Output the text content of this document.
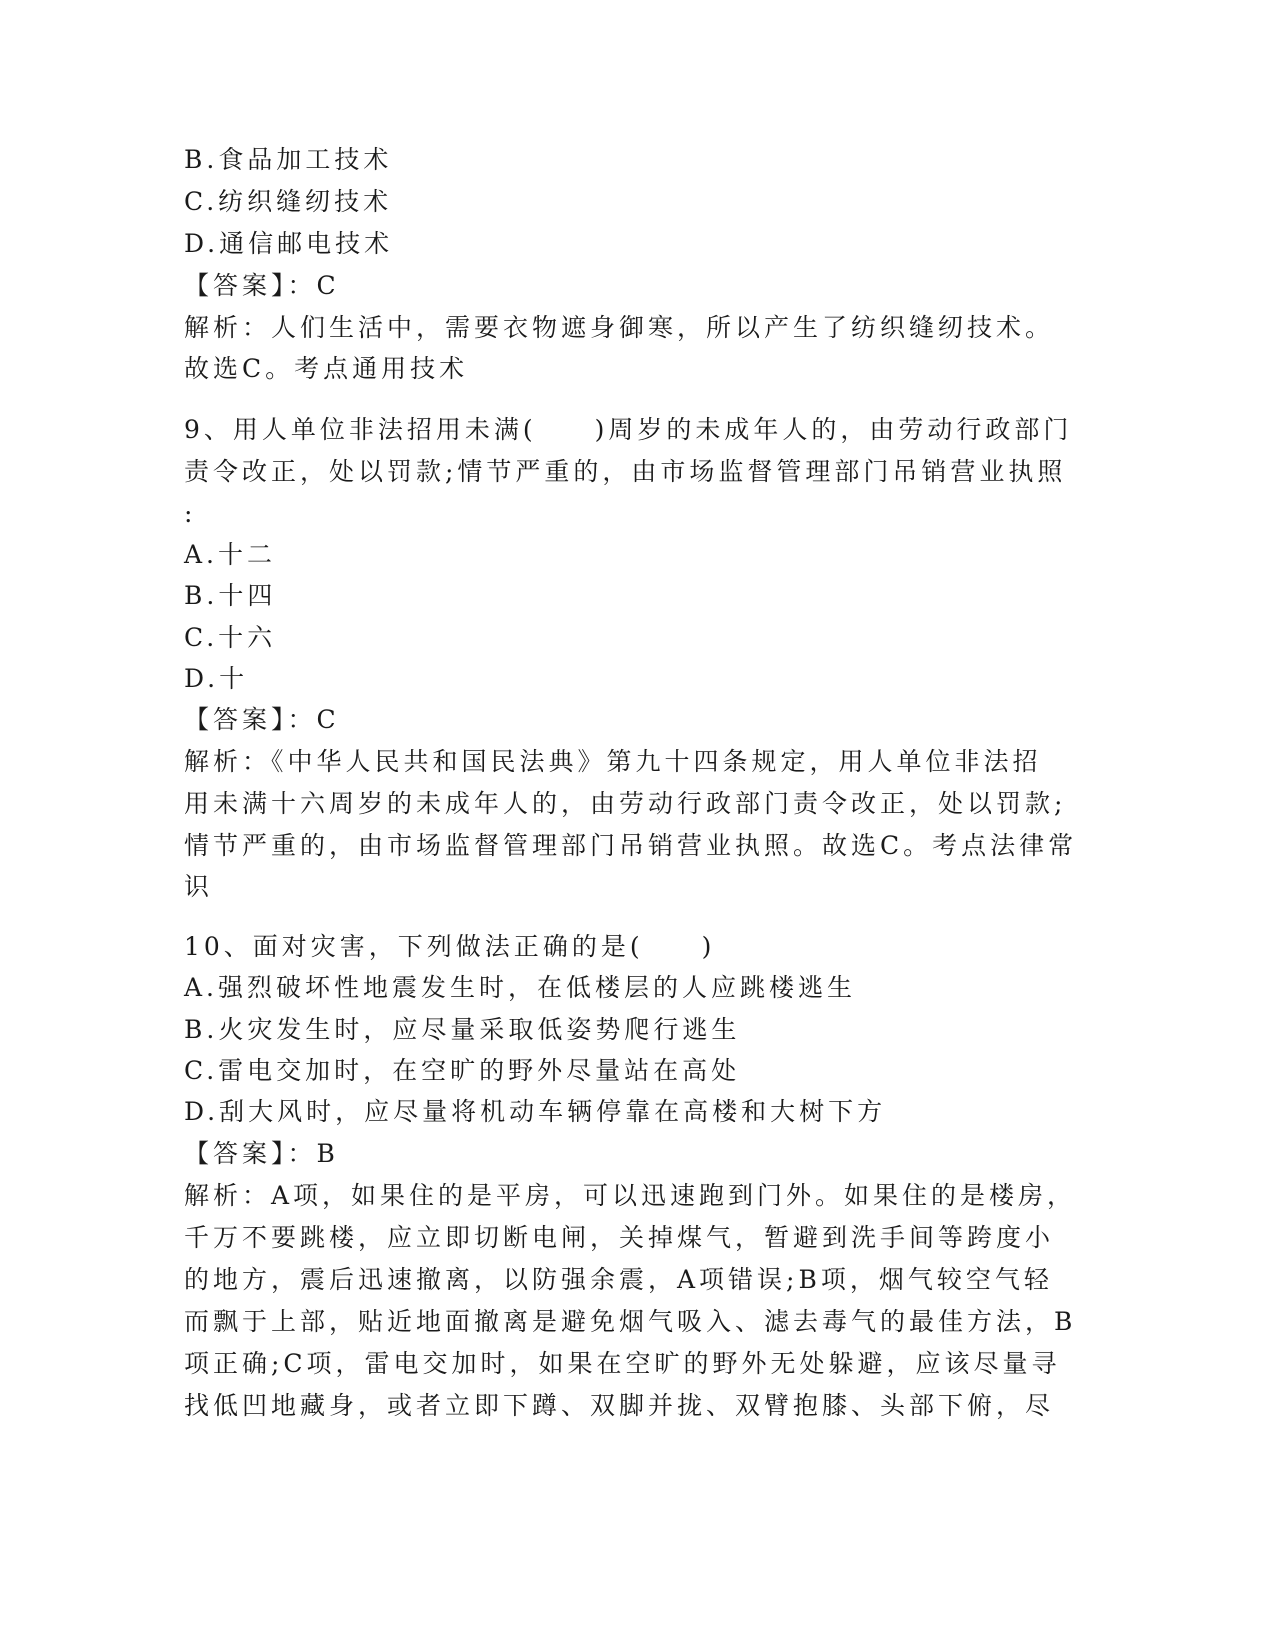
B.食品加工技术
C.纺织缝纫技术
D.通信邮电技术
【答案】：C
解析：人们生活中，需要衣物遮身御寒，所以产生了纺织缝纫技术。
故选C。考点通用技术
9、用人单位非法招用未满(　　)周岁的未成年人的，由劳动行政部门
责令改正，处以罚款;情节严重的，由市场监督管理部门吊销营业执照
:
A.十二
B.十四
C.十六
D.十
【答案】：C
解析：《中华人民共和国民法典》第九十四条规定，用人单位非法招
用未满十六周岁的未成年人的，由劳动行政部门责令改正，处以罚款;
情节严重的，由市场监督管理部门吊销营业执照。故选C。考点法律常
识
10、面对灾害，下列做法正确的是(　　)
A.强烈破坏性地震发生时，在低楼层的人应跳楼逃生
B.火灾发生时，应尽量采取低姿势爬行逃生
C.雷电交加时，在空旷的野外尽量站在高处
D.刮大风时，应尽量将机动车辆停靠在高楼和大树下方
【答案】：B
解析：A项，如果住的是平房，可以迅速跑到门外。如果住的是楼房，
千万不要跳楼，应立即切断电闸，关掉煤气，暂避到洗手间等跨度小
的地方，震后迅速撤离，以防强余震，A项错误;B项，烟气较空气轻
而飘于上部，贴近地面撤离是避免烟气吸入、滤去毒气的最佳方法，B
项正确;C项，雷电交加时，如果在空旷的野外无处躲避，应该尽量寻
找低凹地藏身，或者立即下蹲、双脚并拢、双臂抱膝、头部下俯，尽
